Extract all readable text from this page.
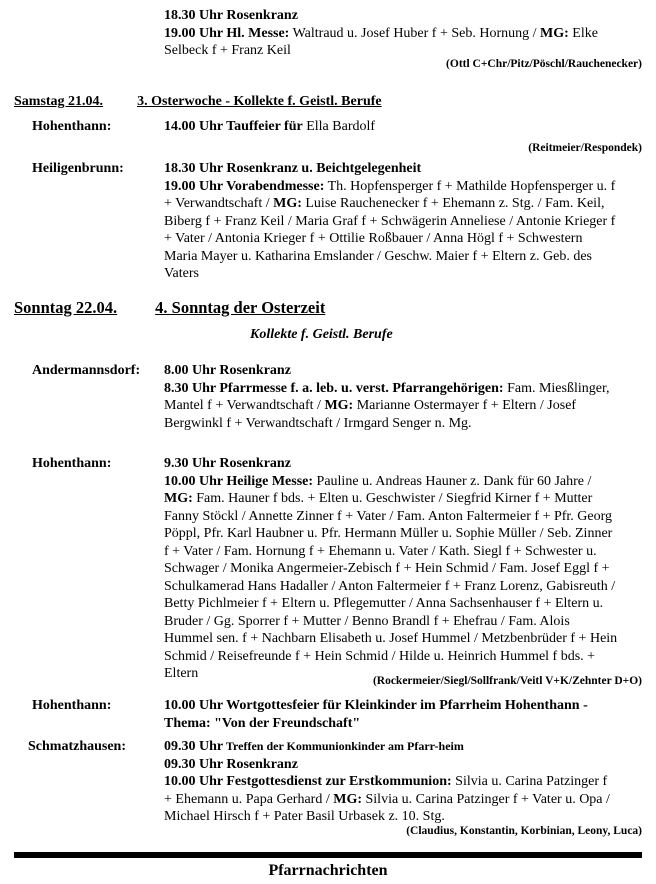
18.30 Uhr Rosenkranz
19.00 Uhr Hl. Messe: Waltraud u. Josef Huber f + Seb. Hornung / MG: Elke
Selbeck f + Franz Keil
(Ottl C+Chr/Pitz/Pöschl/Rauchenecker)
Samstag 21.04. 3. Osterwoche - Kollekte f. Geistl. Berufe
Hohenthann:	14.00 Uhr Tauffeier für Ella Bardolf
(Reitmeier/Respondek)
Heiligenbrunn:	18.30 Uhr Rosenkranz u. Beichtgelegenheit
19.00 Uhr Vorabendmesse: Th. Hopfensperger f + Mathilde Hopfensperger u. f
+ Verwandtschaft / MG: Luise Rauchenecker f + Ehemann z. Stg. / Fam. Keil,
Biberg f + Franz Keil / Maria Graf f + Schwägerin Anneliese / Antonie Krieger f
+ Vater / Antonia Krieger f + Ottilie Roßbauer / Anna Högl f + Schwestern
Maria Mayer u. Katharina Emslander / Geschw. Maier f + Eltern z. Geb. des
Vaters
Sonntag 22.04. 4. Sonntag der Osterzeit
Kollekte f. Geistl. Berufe
Andermannsdorf: 8.00 Uhr Rosenkranz
8.30 Uhr Pfarrmesse f. a. leb. u. verst. Pfarrangehörigen: Fam. Miesßlinger,
Mantel f + Verwandtschaft / MG: Marianne Ostermayer f + Eltern / Josef
Bergwinkl f + Verwandtschaft / Irmgard Senger n. Mg.
Hohenthann:	9.30 Uhr Rosenkranz
10.00 Uhr Heilige Messe: Pauline u. Andreas Hauner z. Dank für 60 Jahre /
MG: Fam. Hauner f bds. + Elten u. Geschwister / Siegfrid Kirner f + Mutter
Fanny Stöckl / Annette Zinner f + Vater / Fam. Anton Faltermeier f + Pfr. Georg
Pöppl, Pfr. Karl Haubner u. Pfr. Hermann Müller u. Sophie Müller / Seb. Zinner
f + Vater / Fam. Hornung f + Ehemann u. Vater / Kath. Siegl f + Schwester u.
Schwager / Monika Angermeier-Zebisch f + Hein Schmid / Fam. Josef Eggl f +
Schulkamerad Hans Hadaller / Anton Faltermeier f + Franz Lorenz, Gabisreuth /
Betty Pichlmeier f + Eltern u. Pflegemutter / Anna Sachsenhauser f + Eltern u.
Bruder / Gg. Sporrer f + Mutter / Benno Brandl f + Ehefrau / Fam. Alois
Hummel sen. f + Nachbarn Elisabeth u. Josef Hummel / Metzbenbrüder f + Hein
Schmid / Reisefreunde f + Hein Schmid / Hilde u. Heinrich Hummel f bds. +
Eltern	(Rockermeier/Siegl/Sollfrank/Veitl V+K/Zehnter D+O)
Hohenthann:	10.00 Uhr Wortgottesfeier für Kleinkinder im Pfarrheim Hohenthann -
Thema: "Von der Freundschaft"
Schmatzhausen:	09.30 Uhr Treffen der Kommunionkinder am Pfarr-heim
09.30 Uhr Rosenkranz
10.00 Uhr Festgottesdienst zur Erstkommunion: Silvia u. Carina Patzinger f
+ Ehemann u. Papa Gerhard / MG: Silvia u. Carina Patzinger f + Vater u. Opa /
Michael Hirsch f + Pater Basil Urbasek z. 10. Stg.
(Claudius, Konstantin, Korbinian, Leony, Luca)
Pfarrnachrichten
